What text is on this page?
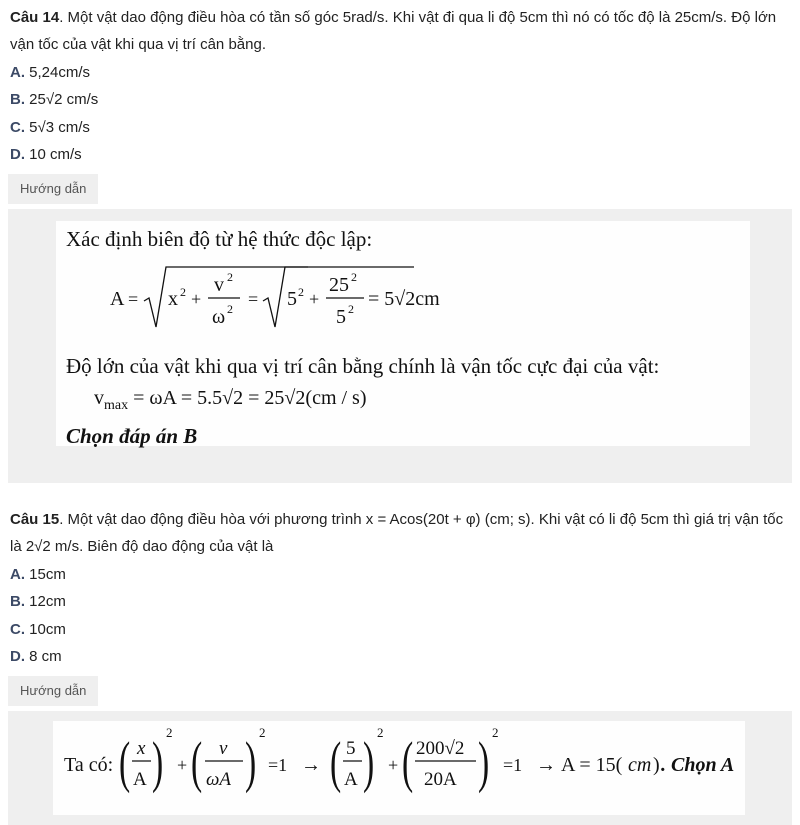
Câu 14. Một vật dao động điều hòa có tần số góc 5rad/s. Khi vật đi qua li độ 5cm thì nó có tốc độ là 25cm/s. Độ lớn vận tốc của vật khi qua vị trí cân bằng.
A. 5,24cm/s
B. 25√2 cm/s
C. 5√3 cm/s
D. 10 cm/s
Hướng dẫn
Xác định biên độ từ hệ thức độc lập:
A = x 2 +
v 2
ω 2 = 5 2 +
25 2
5 2 = 5√2cm
Độ lớn của vật khi qua vị trí cân bằng chính là vận tốc cực đại của vật:
$v_{max} = \omega A = 5.5√2 = 25√2(cm / s)$
Chọn đáp án B
Câu 15. Một vật dao động điều hòa với phương trình x = Acos(20t + φ) (cm; s). Khi vật có li độ 5cm thì giá trị vận tốc là 2√2 m/s. Biên độ dao động của vật là
A. 15cm
B. 12cm
C. 10cm
D. 8 cm
Hướng dẫn
Ta có: ( x
A ) 2
+ ( v
ωA ) 2
=1 → ( 5
A ) 2
+ ( 200√2
20A ) 2
=1 → A = 15( cm ) . Chọn A
